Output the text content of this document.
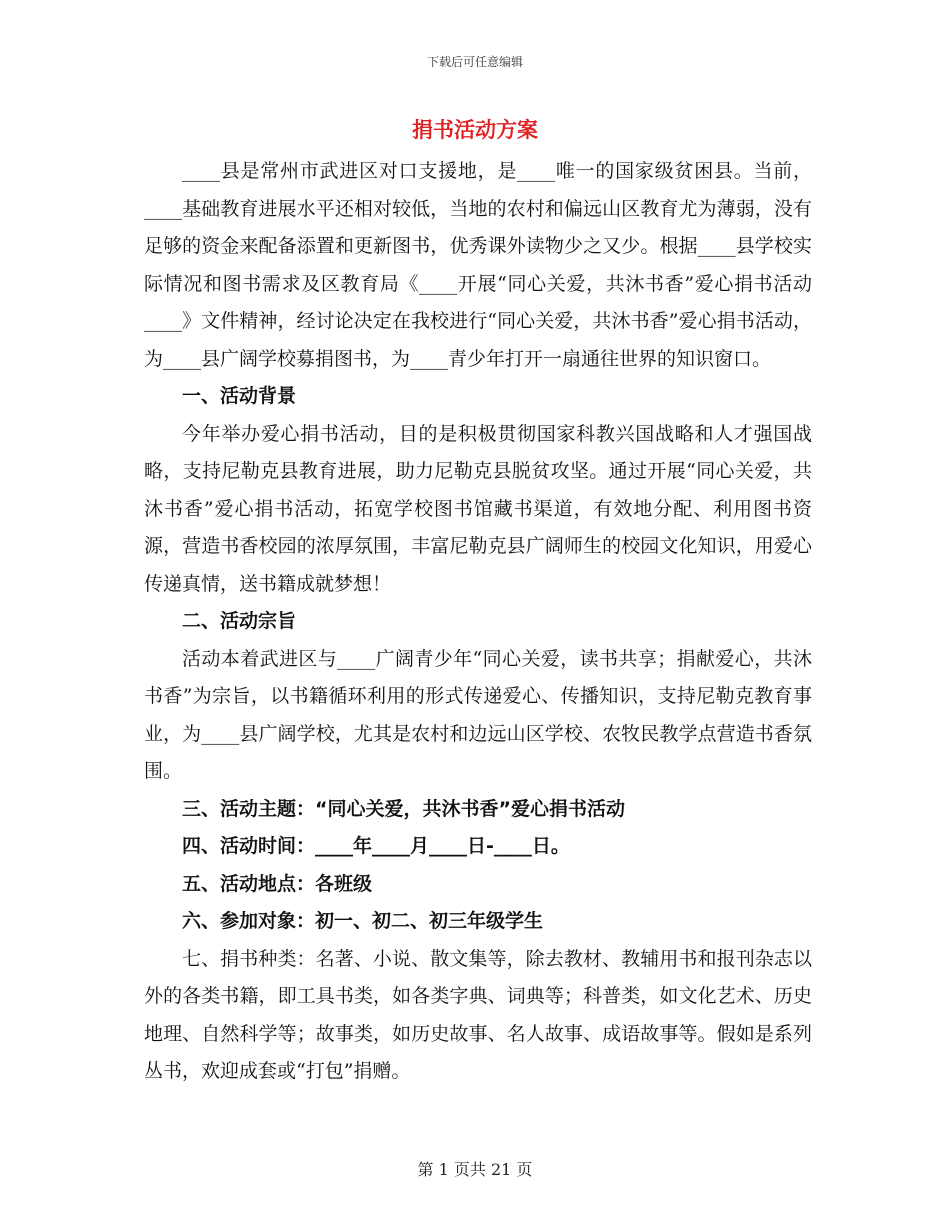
下载后可任意编辑
捐书活动方案

____县是常州市武进区对口支援地，是____唯一的国家级贫困县。当前，____基础教育进展水平还相对较低，当地的农村和偏远山区教育尤为薄弱，没有足够的资金来配备添置和更新图书，优秀课外读物少之又少。根据____县学校实际情况和图书需求及区教育局《____开展“同心关爱，共沐书香”爱心捐书活动____》文件精神，经讨论决定在我校进行“同心关爱，共沐书香”爱心捐书活动，为____县广阔学校募捐图书，为____青少年打开一扇通往世界的知识窗口。

一、活动背景

今年举办爱心捐书活动，目的是积极贯彻国家科教兴国战略和人才强国战略，支持尼勒克县教育进展，助力尼勒克县脱贫攻坚。通过开展“同心关爱，共沐书香”爱心捐书活动，拓宽学校图书馆藏书渠道，有效地分配、利用图书资源，营造书香校园的浓厚氛围，丰富尼勒克县广阔师生的校园文化知识，用爱心传递真情，送书籍成就梦想！

二、活动宗旨

活动本着武进区与____广阔青少年“同心关爱，读书共享；捐献爱心，共沐书香”为宗旨，以书籍循环利用的形式传递爱心、传播知识，支持尼勒克教育事业，为____县广阔学校，尤其是农村和边远山区学校、农牧民教学点营造书香氛围。

三、活动主题：“同心关爱，共沐书香”爱心捐书活动

四、活动时间：____年____月____日-____日。

五、活动地点：各班级

六、参加对象：初一、初二、初三年级学生

七、捐书种类：名著、小说、散文集等，除去教材、教辅用书和报刊杂志以外的各类书籍，即工具书类，如各类字典、词典等；科普类，如文化艺术、历史地理、自然科学等；故事类，如历史故事、名人故事、成语故事等。假如是系列丛书，欢迎成套或“打包”捐赠。

第 1 页共 21 页
